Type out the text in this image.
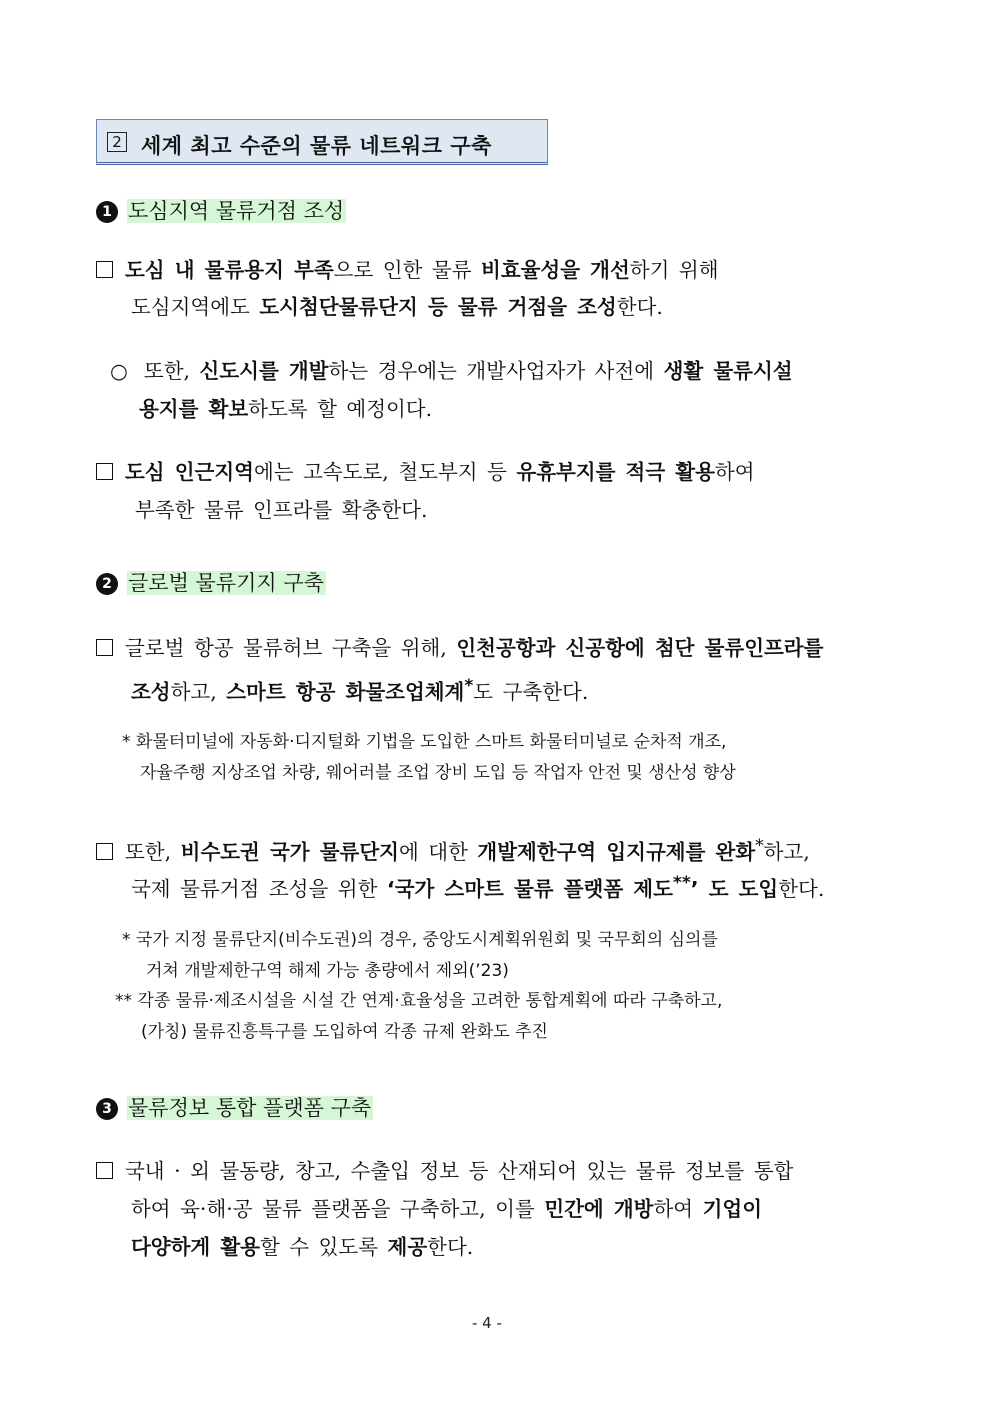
2 세계 최고 수준의 물류 네트워크 구축
1 도심지역 물류거점 조성
도심 내 물류용지 부족으로 인한 물류 비효율성을 개선하기 위해
도심지역에도 도시첨단물류단지 등 물류 거점을 조성한다.
○ 또한, 신도시를 개발하는 경우에는 개발사업자가 사전에 생활 물류시설
용지를 확보하도록 할 예정이다.
도심 인근지역에는 고속도로, 철도부지 등 유휴부지를 적극 활용하여
부족한 물류 인프라를 확충한다.
2 글로벌 물류기지 구축
글로벌 항공 물류허브 구축을 위해, 인천공항과 신공항에 첨단 물류인프라를
조성하고, 스마트 항공 화물조업체계*도 구축한다.
* 화물터미널에 자동화·디지털화 기법을 도입한 스마트 화물터미널로 순차적 개조,
자율주행 지상조업 차량, 웨어러블 조업 장비 도입 등 작업자 안전 및 생산성 향상
또한, 비수도권 국가 물류단지에 대한 개발제한구역 입지규제를 완화*하고,
국제 물류거점 조성을 위한 ‘국가 스마트 물류 플랫폼 제도**’ 도 도입한다.
* 국가 지정 물류단지(비수도권)의 경우, 중앙도시계획위원회 및 국무회의 심의를
거쳐 개발제한구역 해제 가능 총량에서 제외(’23)
** 각종 물류·제조시설을 시설 간 연계·효율성을 고려한 통합계획에 따라 구축하고,
(가칭) 물류진흥특구를 도입하여 각종 규제 완화도 추진
3 물류정보 통합 플랫폼 구축
국내 · 외 물동량, 창고, 수출입 정보 등 산재되어 있는 물류 정보를 통합
하여 육·해·공 물류 플랫폼을 구축하고, 이를 민간에 개방하여 기업이
다양하게 활용할 수 있도록 제공한다.
- 4 -
